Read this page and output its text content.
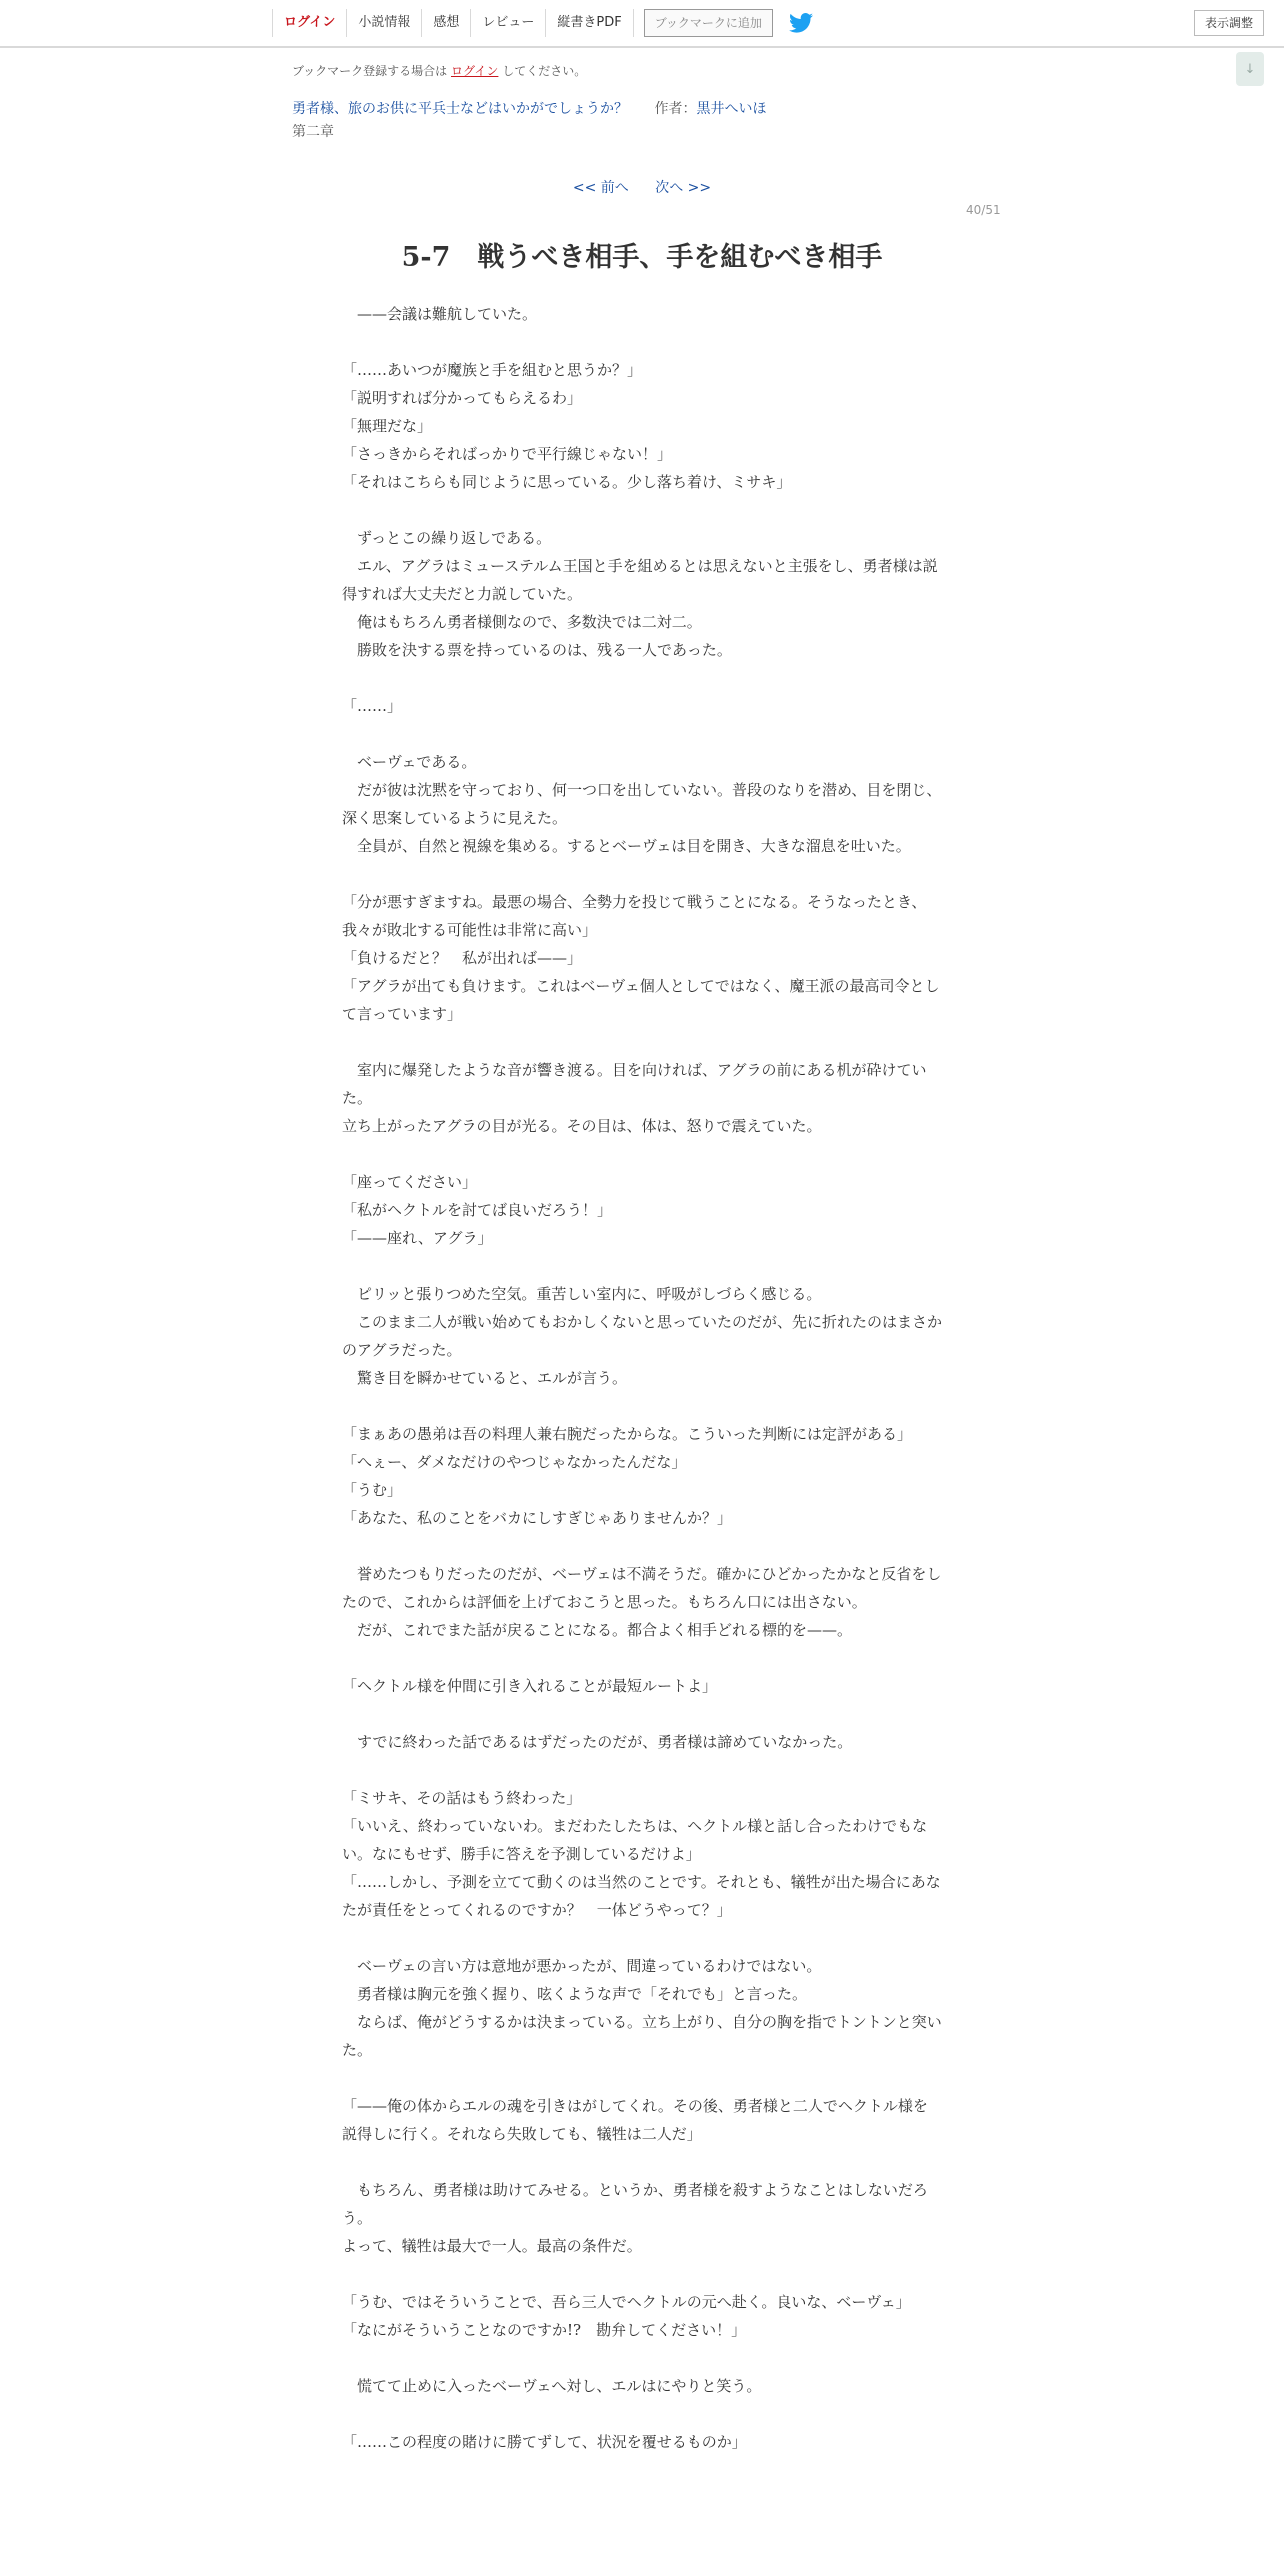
ログイン	小説情報	感想	レビュー	縦書きPDF	ブックマークに追加	表示調整
↓
ブックマーク登録する場合は ログイン してください。
勇者様、旅のお供に平兵士などはいかがでしょうか？ 作者：黒井へいほ
第二章
<< 前へ 次へ >>
40/51
5-7　戦うべき相手、手を組むべき相手

　——会議は難航していた。

「……あいつが魔族と手を組むと思うか？」

「説明すれば分かってもらえるわ」

「無理だな」

「さっきからそればっかりで平行線じゃない！」

「それはこちらも同じように思っている。少し落ち着け、ミサキ」

　ずっとこの繰り返しである。

　エル、アグラはミューステルム王国と手を組めるとは思えないと主張をし、勇者様は説得すれば大丈夫だと力説していた。

　俺はもちろん勇者様側なので、多数決では二対二。

　勝敗を決する票を持っているのは、残る一人であった。

「……」

　ベーヴェである。

　だが彼は沈黙を守っており、何一つ口を出していない。普段のなりを潜め、目を閉じ、深く思案しているように見えた。

　全員が、自然と視線を集める。するとベーヴェは目を開き、大きな溜息を吐いた。

「分が悪すぎますね。最悪の場合、全勢力を投じて戦うことになる。そうなったとき、我々が敗北する可能性は非常に高い」

「負けるだと？　私が出れば——」

「アグラが出ても負けます。これはベーヴェ個人としてではなく、魔王派の最高司令として言っています」

　室内に爆発したような音が響き渡る。目を向ければ、アグラの前にある机が砕けていた。

立ち上がったアグラの目が光る。その目は、体は、怒りで震えていた。

「座ってください」

「私がヘクトルを討てば良いだろう！」

「——座れ、アグラ」

　ピリッと張りつめた空気。重苦しい室内に、呼吸がしづらく感じる。

　このまま二人が戦い始めてもおかしくないと思っていたのだが、先に折れたのはまさかのアグラだった。

　驚き目を瞬かせていると、エルが言う。

「まぁあの愚弟は吾の料理人兼右腕だったからな。こういった判断には定評がある」

「へぇー、ダメなだけのやつじゃなかったんだな」

「うむ」

「あなた、私のことをバカにしすぎじゃありませんか？」

　誉めたつもりだったのだが、ベーヴェは不満そうだ。確かにひどかったかなと反省をしたので、これからは評価を上げておこうと思った。もちろん口には出さない。

　だが、これでまた話が戻ることになる。都合よく相手どれる標的を——。

「ヘクトル様を仲間に引き入れることが最短ルートよ」

　すでに終わった話であるはずだったのだが、勇者様は諦めていなかった。

「ミサキ、その話はもう終わった」

「いいえ、終わっていないわ。まだわたしたちは、ヘクトル様と話し合ったわけでもない。なにもせず、勝手に答えを予測しているだけよ」

「……しかし、予測を立てて動くのは当然のことです。それとも、犠牲が出た場合にあなたが責任をとってくれるのですか？　一体どうやって？」

　ベーヴェの言い方は意地が悪かったが、間違っているわけではない。

　勇者様は胸元を強く握り、呟くような声で「それでも」と言った。

　ならば、俺がどうするかは決まっている。立ち上がり、自分の胸を指でトントンと突いた。

「——俺の体からエルの魂を引きはがしてくれ。その後、勇者様と二人でヘクトル様を説得しに行く。それなら失敗しても、犠牲は二人だ」

　もちろん、勇者様は助けてみせる。というか、勇者様を殺すようなことはしないだろう。

よって、犠牲は最大で一人。最高の条件だ。

「うむ、ではそういうことで、吾ら三人でヘクトルの元へ赴く。良いな、ベーヴェ」

「なにがそういうことなのですか!?　勘弁してください！」

　慌てて止めに入ったベーヴェへ対し、エルはにやりと笑う。

「……この程度の賭けに勝てずして、状況を覆せるものか」
